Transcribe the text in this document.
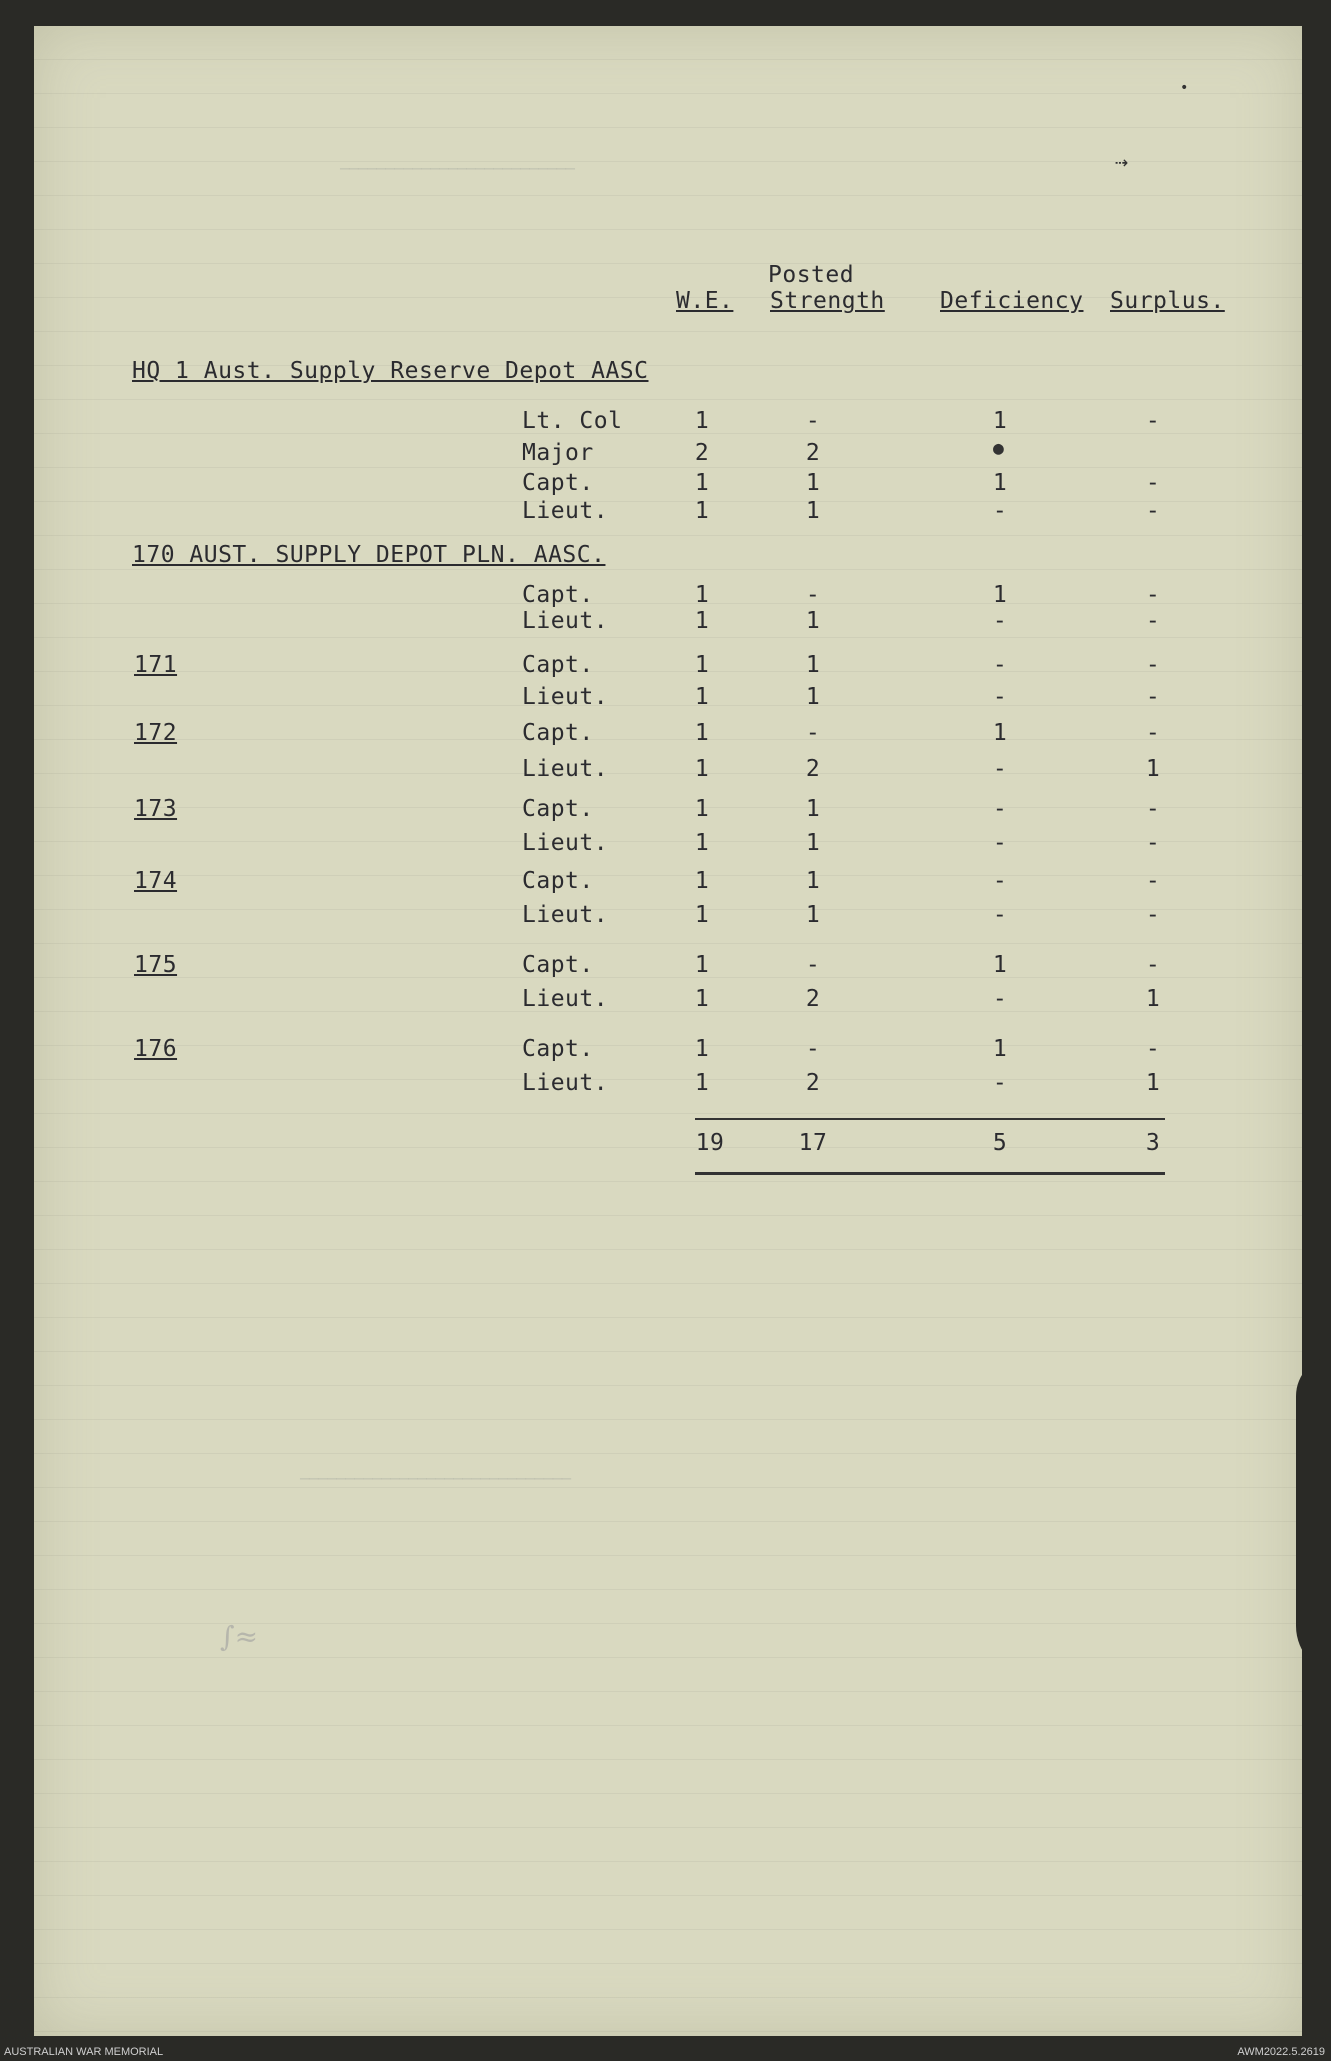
Posted
W.E. Strength Deficiency Surplus.
HQ 1 Aust. Supply Reserve Depot AASC
170 AUST. SUPPLY DEPOT PLN. AASC.
Lt. Col	1	-	1	-
Major	2	2
Capt.	1	1	1	-
Lieut.	1	1	-	-
Capt.	1	-	1	-
Lieut.	1	1	-	-
171	Capt.	1	1	-	-
Lieut.	1	1	-	-
172	Capt.	1	-	1	-
Lieut.	1	2	-	1
173	Capt.	1	1	-	-
Lieut.	1	1	-	-
174	Capt.	1	1	-	-
Lieut.	1	1	-	-
175	Capt.	1	-	1	-
Lieut.	1	2	-	1
176	Capt.	1	-	1	-
Lieut.	1	2	-	1
19	17	5	3
●
⇢
•
──────────────────────────
──────────────────────────────
∫≈
AUSTRALIAN WAR MEMORIAL	AWM2022.5.2619
